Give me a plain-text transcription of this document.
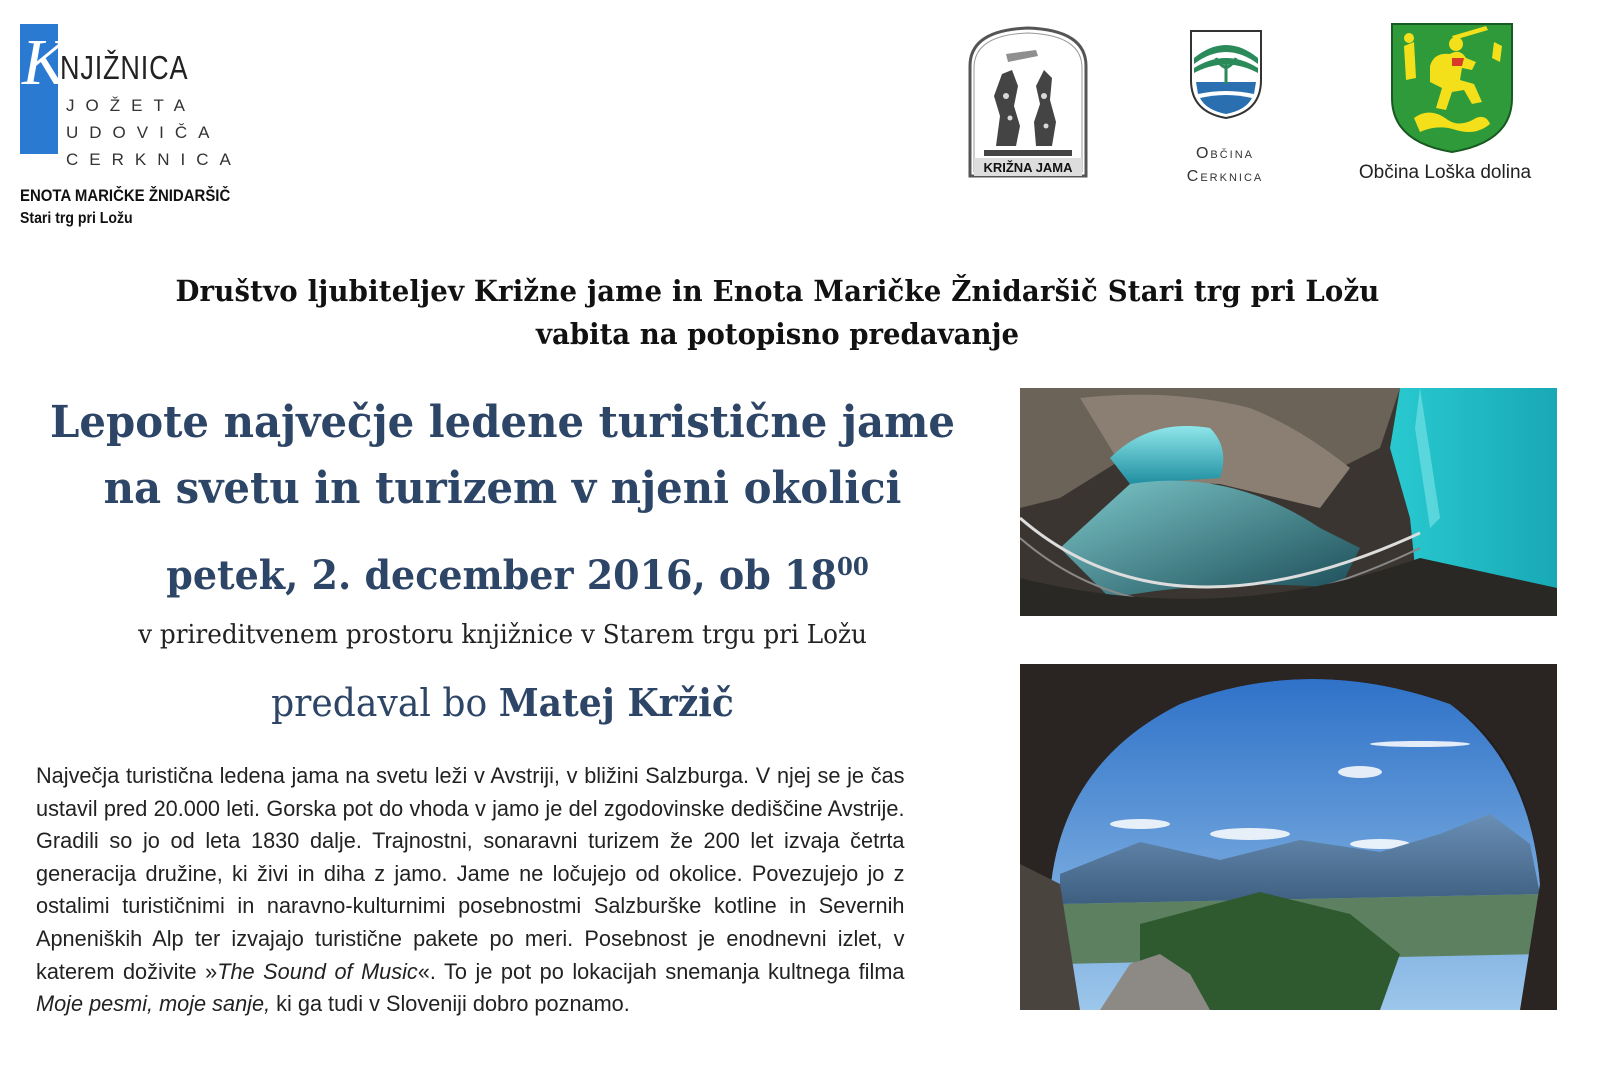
K
NJIŽNICA
JOŽETA
UDOVIČA
CERKNICA
ENOTA MARIČKE ŽNIDARŠIČ
Stari trg pri Ložu
KRIŽNA JAMA
Občina
Cerknica	Občina Loška dolina
Društvo ljubiteljev Križne jame in Enota Maričke Žnidaršič Stari trg pri Ložu
vabita na potopisno predavanje
Lepote največje ledene turistične jame
na svetu in turizem v njeni okolici
petek, 2. december 2016, ob $18^{00}$
v prireditvenem prostoru knjižnice v Starem trgu pri Ložu
predaval bo Matej Kržič
Največja turistična ledena jama na svetu leži v Avstriji, v bližini Salzburga. V njej se je čas ustavil pred 20.000 leti. Gorska pot do vhoda v jamo je del zgodovinske dediščine Avstrije. Gradili so jo od leta 1830 dalje. Trajnostni, sonaravni turizem že 200 let izvaja četrta generacija družine, ki živi in diha z jamo. Jame ne ločujejo od okolice. Povezujejo jo z ostalimi turističnimi in naravno-kulturnimi posebnostmi Salzburške kotline in Severnih Apneniških Alp ter izvajajo turistične pakete po meri. Posebnost je enodnevni izlet, v katerem doživite »The Sound of Music«. To je pot po lokacijah snemanja kultnega filma Moje pesmi, moje sanje, ki ga tudi v Sloveniji dobro poznamo.
